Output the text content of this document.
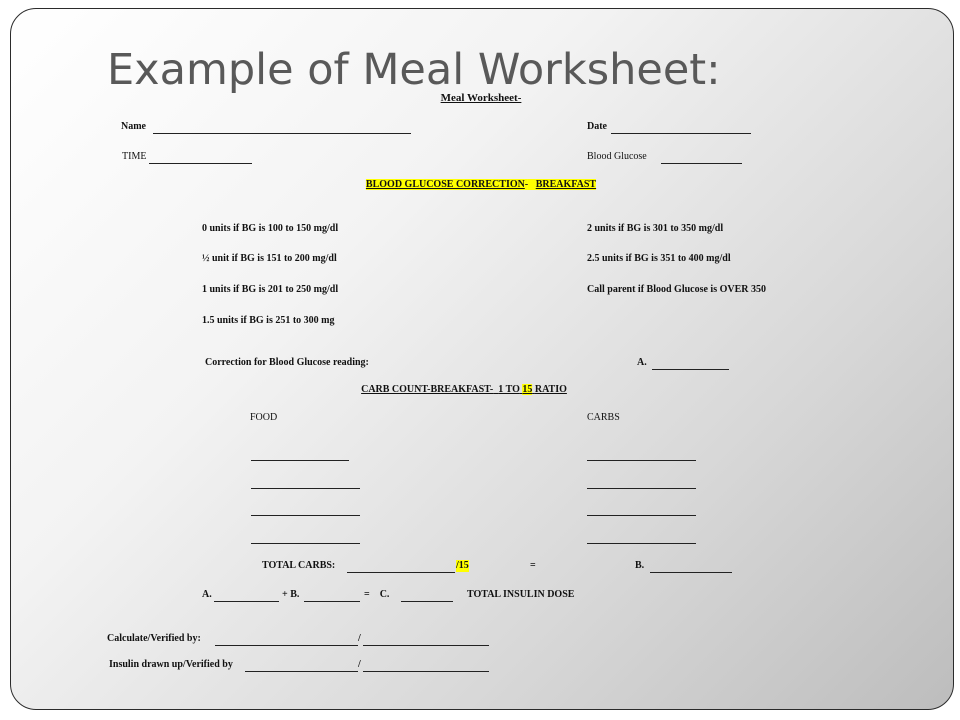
Example of Meal Worksheet:
Meal Worksheet-
Name	Date
TIME	Blood Glucose
BLOOD GLUCOSE CORRECTION- BREAKFAST
0 units if BG is 100 to 150 mg/dl
½ unit if BG is 151 to 200 mg/dl
1 units if BG is 201 to 250 mg/dl
1.5 units if BG is 251 to 300 mg
2 units if BG is 301 to 350 mg/dl
2.5 units if BG is 351 to 400 mg/dl
Call parent if Blood Glucose is OVER 350
Correction for Blood Glucose reading:	A.
CARB COUNT-BREAKFAST- 1 TO 15 RATIO
FOOD	CARBS
TOTAL CARBS:	/15	=	B.
A.	+ B.	=    C.	TOTAL INSULIN DOSE
Calculate/Verified by:	/
Insulin drawn up/Verified by	/
